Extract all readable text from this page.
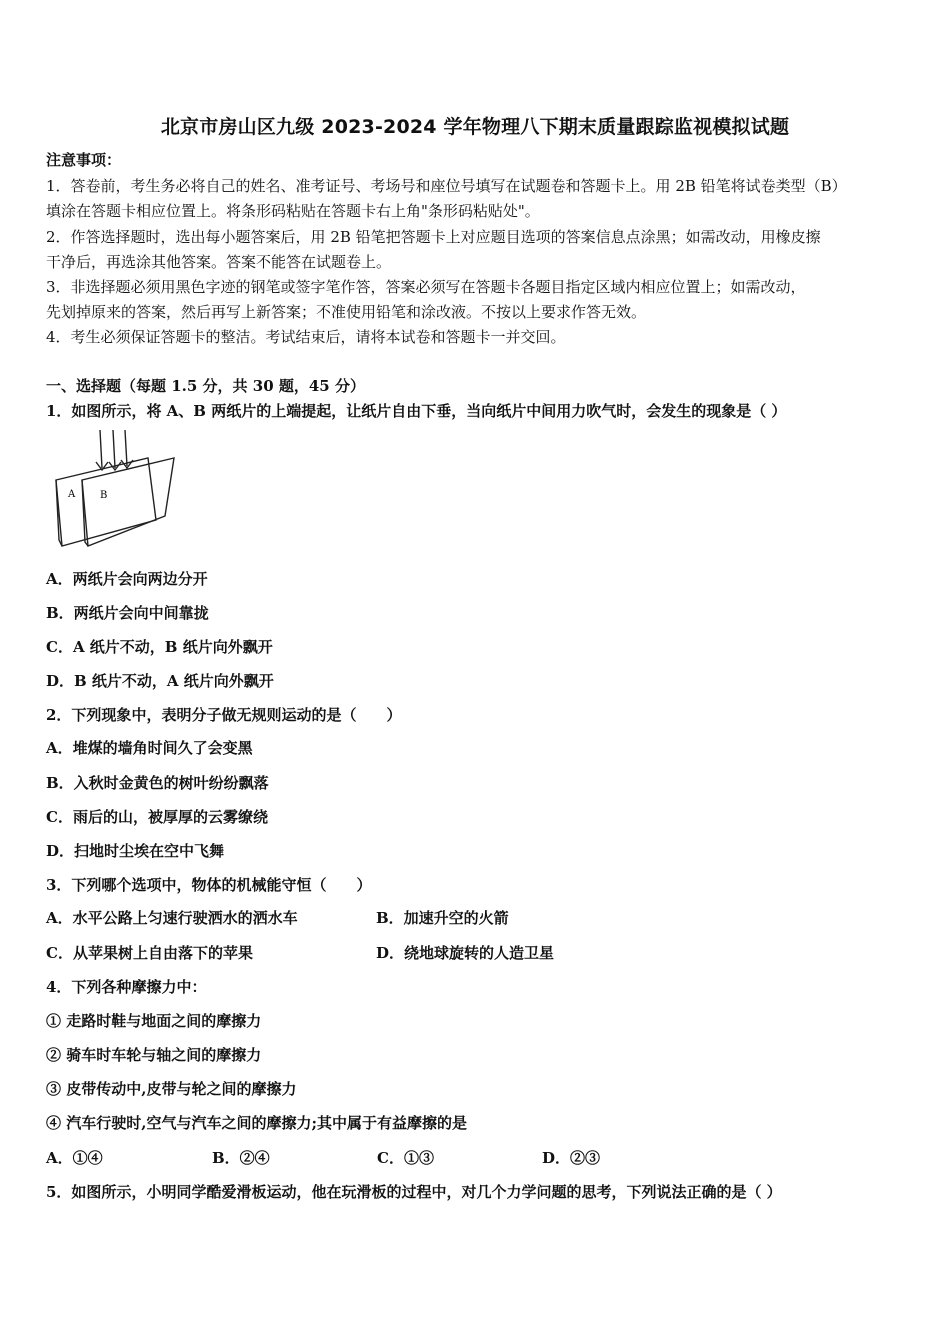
北京市房山区九级 2023-2024 学年物理八下期末质量跟踪监视模拟试题
注意事项：
1．答卷前，考生务必将自己的姓名、准考证号、考场号和座位号填写在试题卷和答题卡上。用 2B 铅笔将试卷类型（B）
填涂在答题卡相应位置上。将条形码粘贴在答题卡右上角"条形码粘贴处"。
2．作答选择题时，选出每小题答案后，用 2B 铅笔把答题卡上对应题目选项的答案信息点涂黑；如需改动，用橡皮擦
干净后，再选涂其他答案。答案不能答在试题卷上。
3．非选择题必须用黑色字迹的钢笔或签字笔作答，答案必须写在答题卡各题目指定区域内相应位置上；如需改动，
先划掉原来的答案，然后再写上新答案；不准使用铅笔和涂改液。不按以上要求作答无效。
4．考生必须保证答题卡的整洁。考试结束后，请将本试卷和答题卡一并交回。
一、选择题（每题 1.5 分，共 30 题，45 分）
1．如图所示，将 A、B 两纸片的上端提起，让纸片自由下垂，当向纸片中间用力吹气时，会发生的现象是（ ）
A B
A．两纸片会向两边分开
B．两纸片会向中间靠拢
C．A 纸片不动，B 纸片向外飘开
D．B 纸片不动，A 纸片向外飘开
2．下列现象中，表明分子做无规则运动的是（　　）
A．堆煤的墙角时间久了会变黑
B．入秋时金黄色的树叶纷纷飘落
C．雨后的山，被厚厚的云雾缭绕
D．扫地时尘埃在空中飞舞
3．下列哪个选项中，物体的机械能守恒（　　）
A．水平公路上匀速行驶洒水的洒水车	B．加速升空的火箭
C．从苹果树上自由落下的苹果	D．绕地球旋转的人造卫星
4．下列各种摩擦力中：
① 走路时鞋与地面之间的摩擦力
② 骑车时车轮与轴之间的摩擦力
③ 皮带传动中,皮带与轮之间的摩擦力
④ 汽车行驶时,空气与汽车之间的摩擦力;其中属于有益摩擦的是
A．①④	B．②④	C．①③	D．②③
5．如图所示，小明同学酷爱滑板运动，他在玩滑板的过程中，对几个力学问题的思考，下列说法正确的是（ ）
